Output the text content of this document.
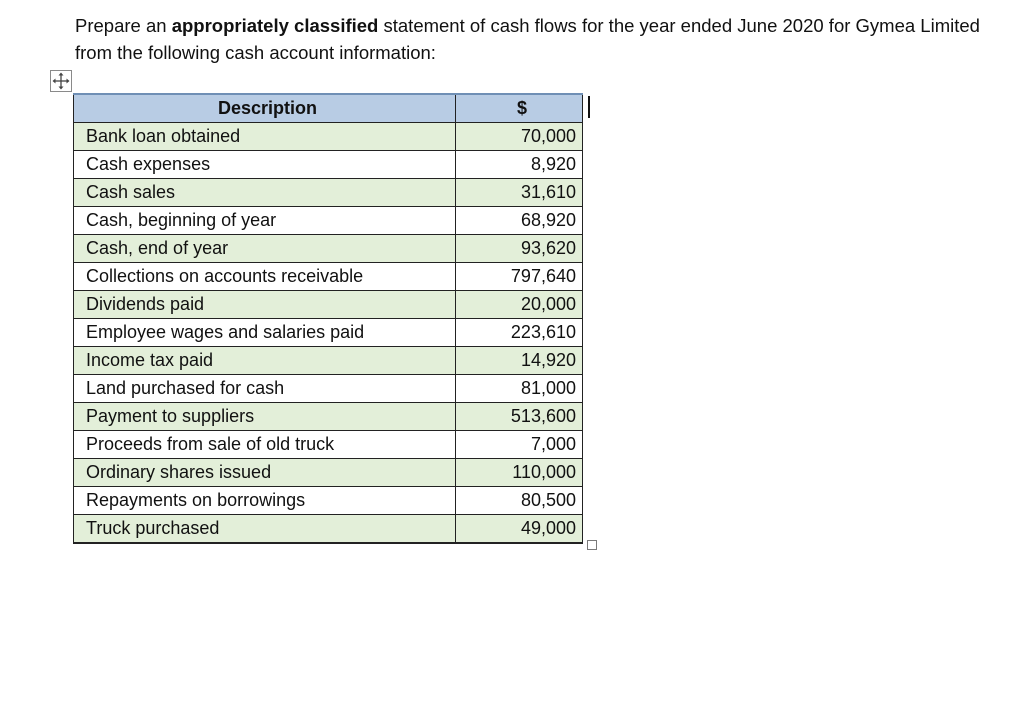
Prepare an appropriately classified statement of cash flows for the year ended June 2020 for Gymea Limited from the following cash account information:

Description	$
Bank loan obtained	70,000
Cash expenses	8,920
Cash sales	31,610
Cash, beginning of year	68,920
Cash, end of year	93,620
Collections on accounts receivable	797,640
Dividends paid	20,000
Employee wages and salaries paid	223,610
Income tax paid	14,920
Land purchased for cash	81,000
Payment to suppliers	513,600
Proceeds from sale of old truck	7,000
Ordinary shares issued	110,000
Repayments on borrowings	80,500
Truck purchased	49,000
